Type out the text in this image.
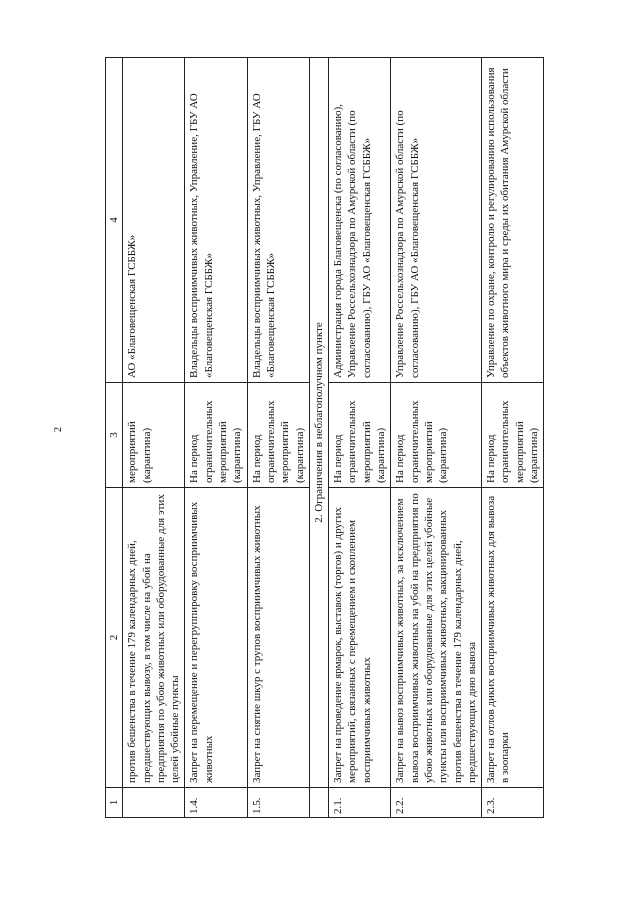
2
1	2	3	4
	против бешенства в течение 179 календарных дней, предшествующих вывозу, в том числе на убой на предприятия по убою животных или оборудованные для этих целей убойные пункты	мероприятий (карантина)	АО «Благовещенская ГСББЖ»
1.4.	Запрет на перемещение и перегруппировку восприимчивых животных	На период ограничительных мероприятий (карантина)	Владельцы восприимчивых животных, Управление, ГБУ АО «Благовещенская ГСББЖ»
1.5.	Запрет на снятие шкур с трупов восприимчивых животных	На период ограничительных мероприятий (карантина)	Владельцы восприимчивых животных, Управление, ГБУ АО «Благовещенская ГСББЖ»
	2. Ограничения в неблагополучном пункте		
2.1.	Запрет на проведение ярмарок, выставок (торгов) и других мероприятий, связанных с перемещением и скоплением восприимчивых животных	На период ограничительных мероприятий (карантина)	Администрация города Благовещенска (по согласованию), Управление Россельхознадзора по Амурской области (по согласованию), ГБУ АО «Благовещенская ГСББЖ»
2.2.	Запрет на вывоз восприимчивых животных, за исключением вывоза восприимчивых животных на убой на предприятия по убою животных или оборудованные для этих целей убойные пункты или восприимчивых животных, вакцинированных против бешенства в течение 179 календарных дней, предшествующих дню вывоза	На период ограничительных мероприятий (карантина)	Управление Россельхознадзора по Амурской области (по согласованию), ГБУ АО «Благовещенская ГСББЖ»
2.3.	Запрет на отлов диких восприимчивых животных для вывоза в зоопарки	На период ограничительных мероприятий (карантина)	Управление по охране, контролю и регулированию использования объектов животного мира и среды их обитания Амурской области
